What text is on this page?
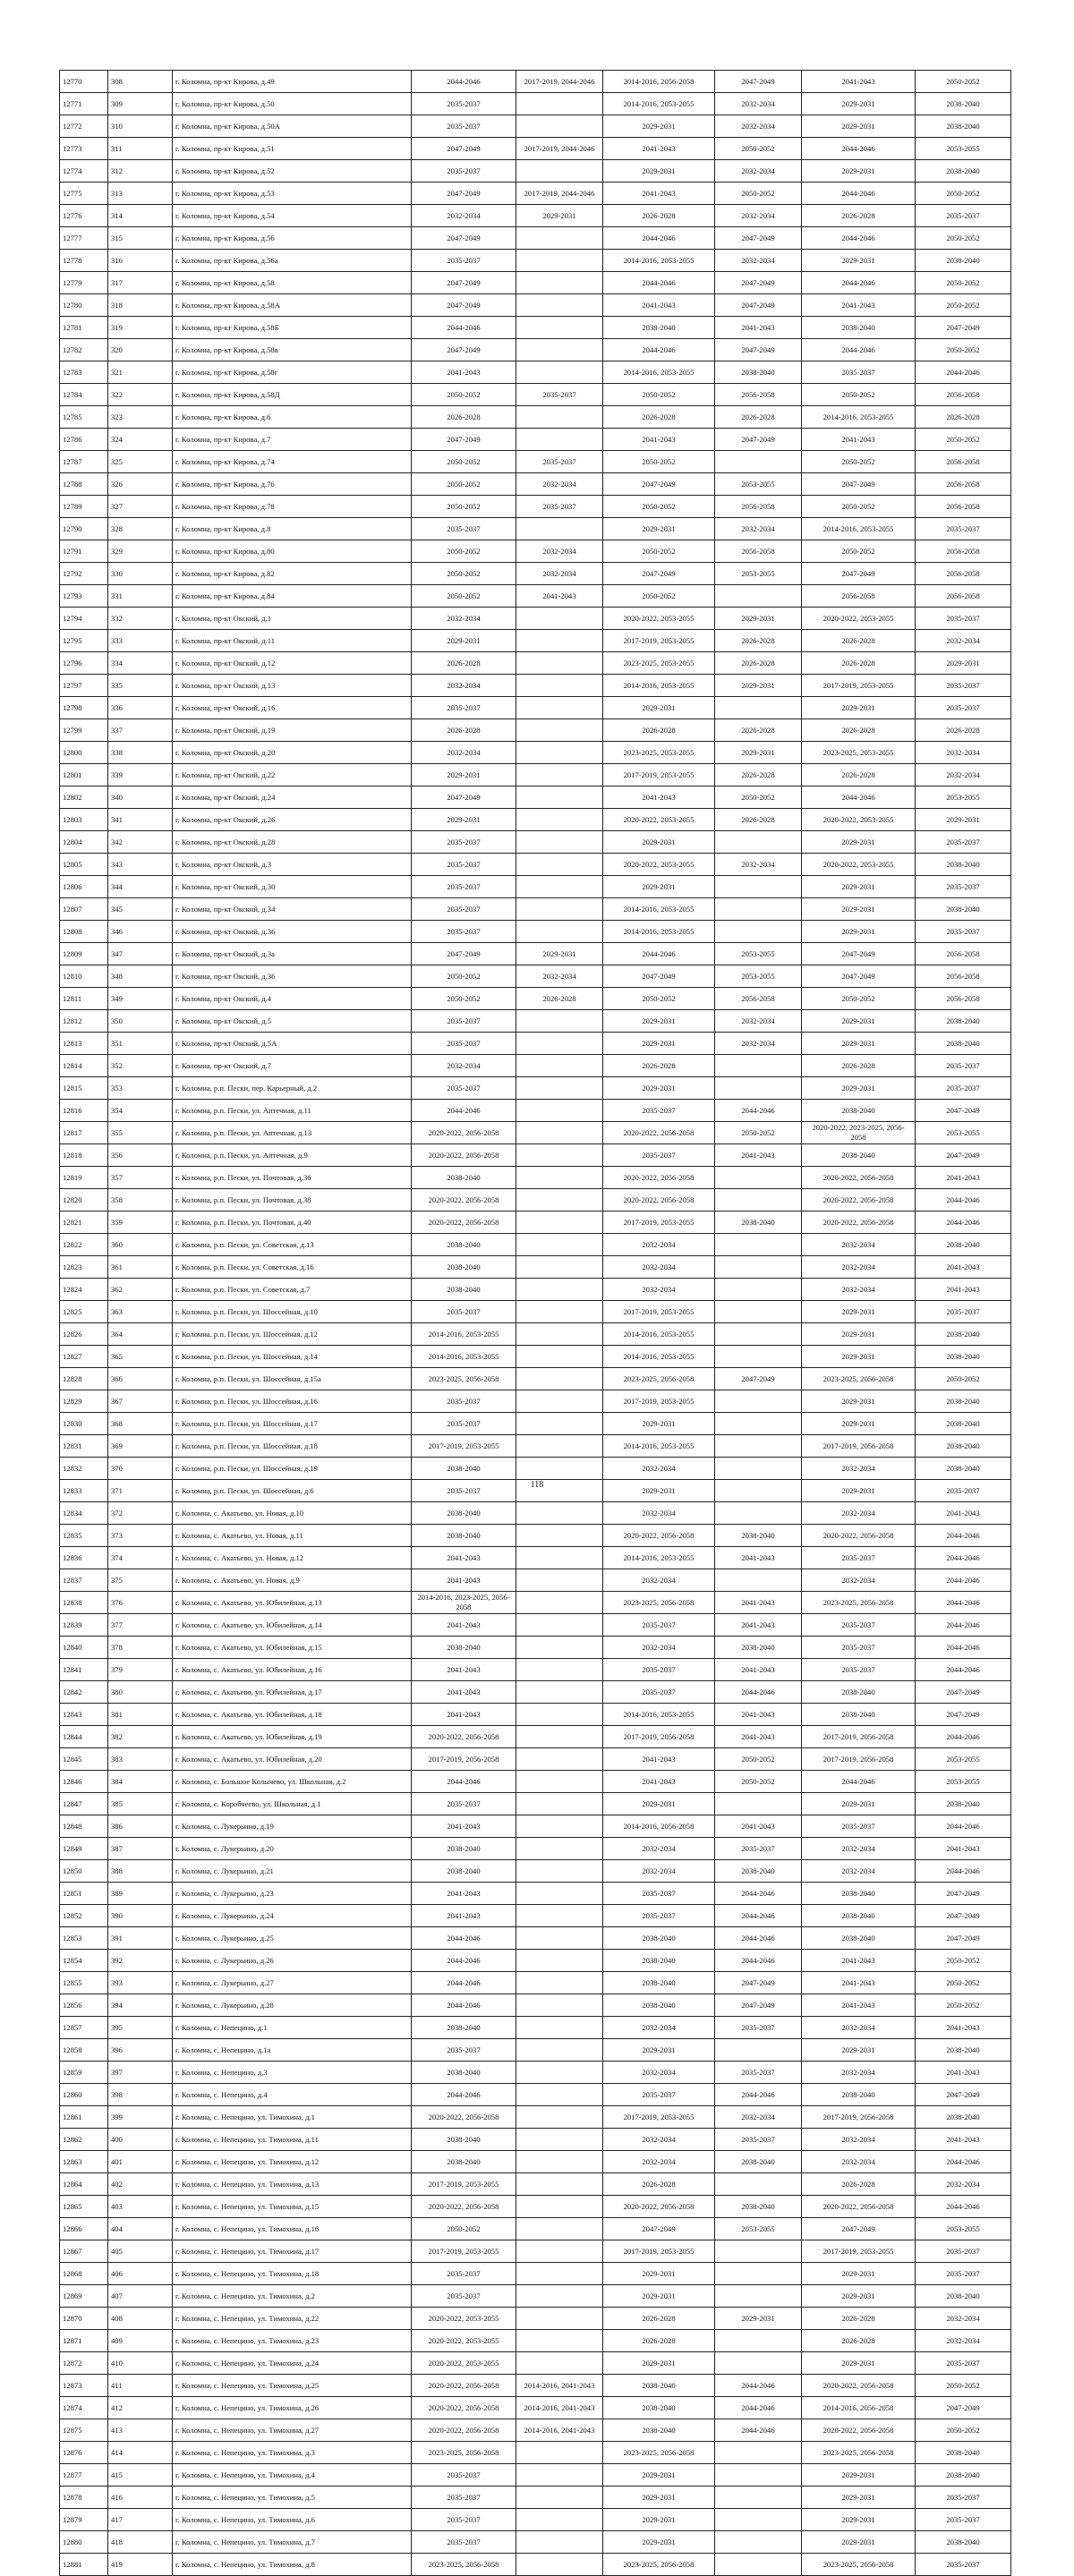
12770	308	г. Коломна, пр-кт Кирова, д.49	2044-2046	2017-2019, 2044-2046	2014-2016, 2056-2058	2047-2049	2041-2043	2050-2052
12771	309	г. Коломна, пр-кт Кирова, д.50	2035-2037		2014-2016, 2053-2055	2032-2034	2029-2031	2038-2040
12772	310	г. Коломна, пр-кт Кирова, д.50А	2035-2037		2029-2031	2032-2034	2029-2031	2038-2040
12773	311	г. Коломна, пр-кт Кирова, д.51	2047-2049	2017-2019, 2044-2046	2041-2043	2050-2052	2044-2046	2053-2055
12774	312	г. Коломна, пр-кт Кирова, д.52	2035-2037		2029-2031	2032-2034	2029-2031	2038-2040
12775	313	г. Коломна, пр-кт Кирова, д.53	2047-2049	2017-2019, 2044-2046	2041-2043	2050-2052	2044-2046	2050-2052
12776	314	г. Коломна, пр-кт Кирова, д.54	2032-2034	2029-2031	2026-2028	2032-2034	2026-2028	2035-2037
12777	315	г. Коломна, пр-кт Кирова, д.56	2047-2049		2044-2046	2047-2049	2044-2046	2050-2052
12778	316	г. Коломна, пр-кт Кирова, д.56а	2035-2037		2014-2016, 2053-2055	2032-2034	2029-2031	2038-2040
12779	317	г. Коломна, пр-кт Кирова, д.58	2047-2049		2044-2046	2047-2049	2044-2046	2050-2052
12780	318	г. Коломна, пр-кт Кирова, д.58А	2047-2049		2041-2043	2047-2049	2041-2043	2050-2052
12781	319	г. Коломна, пр-кт Кирова, д.58Б	2044-2046		2038-2040	2041-2043	2038-2040	2047-2049
12782	320	г. Коломна, пр-кт Кирова, д.58в	2047-2049		2044-2046	2047-2049	2044-2046	2050-2052
12783	321	г. Коломна, пр-кт Кирова, д.58г	2041-2043		2014-2016, 2053-2055	2038-2040	2035-2037	2044-2046
12784	322	г. Коломна, пр-кт Кирова, д.58Д	2050-2052	2035-2037	2050-2052	2056-2058	2050-2052	2056-2058
12785	323	г. Коломна, пр-кт Кирова, д.6	2026-2028		2026-2028	2026-2028	2014-2016, 2053-2055	2026-2028
12786	324	г. Коломна, пр-кт Кирова, д.7	2047-2049		2041-2043	2047-2049	2041-2043	2050-2052
12787	325	г. Коломна, пр-кт Кирова, д.74	2050-2052	2035-2037	2050-2052		2050-2052	2056-2058
12788	326	г. Коломна, пр-кт Кирова, д.76	2050-2052	2032-2034	2047-2049	2053-2055	2047-2049	2056-2058
12789	327	г. Коломна, пр-кт Кирова, д.78	2050-2052	2035-2037	2050-2052	2056-2058	2050-2052	2056-2058
12790	328	г. Коломна, пр-кт Кирова, д.8	2035-2037		2029-2031	2032-2034	2014-2016, 2053-2055	2035-2037
12791	329	г. Коломна, пр-кт Кирова, д.80	2050-2052	2032-2034	2050-2052	2056-2058	2050-2052	2056-2058
12792	330	г. Коломна, пр-кт Кирова, д.82	2050-2052	2032-2034	2047-2049	2053-2055	2047-2049	2056-2058
12793	331	г. Коломна, пр-кт Кирова, д.84	2050-2052	2041-2043	2050-2052		2056-2058	2056-2058
12794	332	г. Коломна, пр-кт Окский, д.1	2032-2034		2020-2022, 2053-2055	2029-2031	2020-2022, 2053-2055	2035-2037
12795	333	г. Коломна, пр-кт Окский, д.11	2029-2031		2017-2019, 2053-2055	2026-2028	2026-2028	2032-2034
12796	334	г. Коломна, пр-кт Окский, д.12	2026-2028		2023-2025, 2053-2055	2026-2028	2026-2028	2029-2031
12797	335	г. Коломна, пр-кт Окский, д.13	2032-2034		2014-2016, 2053-2055	2029-2031	2017-2019, 2053-2055	2035-2037
12798	336	г. Коломна, пр-кт Окский, д.16	2035-2037		2029-2031		2029-2031	2035-2037
12799	337	г. Коломна, пр-кт Окский, д.19	2026-2028		2026-2028	2026-2028	2026-2028	2026-2028
12800	338	г. Коломна, пр-кт Окский, д.20	2032-2034		2023-2025, 2053-2055	2029-2031	2023-2025, 2053-2055	2032-2034
12801	339	г. Коломна, пр-кт Окский, д.22	2029-2031		2017-2019, 2053-2055	2026-2028	2026-2028	2032-2034
12802	340	г. Коломна, пр-кт Окский, д.24	2047-2049		2041-2043	2050-2052	2044-2046	2053-2055
12803	341	г. Коломна, пр-кт Окский, д.26	2029-2031		2020-2022, 2053-2055	2026-2028	2020-2022, 2053-2055	2029-2031
12804	342	г. Коломна, пр-кт Окский, д.28	2035-2037		2029-2031		2029-2031	2035-2037
12805	343	г. Коломна, пр-кт Окский, д.3	2035-2037		2020-2022, 2053-2055	2032-2034	2020-2022, 2053-2055	2038-2040
12806	344	г. Коломна, пр-кт Окский, д.30	2035-2037		2029-2031		2029-2031	2035-2037
12807	345	г. Коломна, пр-кт Окский, д.34	2035-2037		2014-2016, 2053-2055		2029-2031	2038-2040
12808	346	г. Коломна, пр-кт Окский, д.36	2035-2037		2014-2016, 2053-2055		2029-2031	2035-2037
12809	347	г. Коломна, пр-кт Окский, д.3а	2047-2049	2029-2031	2044-2046	2053-2055	2047-2049	2056-2058
12810	348	г. Коломна, пр-кт Окский, д.36	2050-2052	2032-2034	2047-2049	2053-2055	2047-2049	2056-2058
12811	349	г. Коломна, пр-кт Окский, д.4	2050-2052	2026-2028	2050-2052	2056-2058	2050-2052	2056-2058
12812	350	г. Коломна, пр-кт Окский, д.5	2035-2037		2029-2031	2032-2034	2029-2031	2038-2040
12813	351	г. Коломна, пр-кт Окский, д.5А	2035-2037		2029-2031	2032-2034	2029-2031	2038-2040
12814	352	г. Коломна, пр-кт Окский, д.7	2032-2034		2026-2028		2026-2028	2035-2037
12815	353	г. Коломна, р.п. Пески, пер. Карьерный, д.2	2035-2037		2029-2031		2029-2031	2035-2037
12816	354	г. Коломна, р.п. Пески, ул. Аптечная, д.11	2044-2046		2035-2037	2044-2046	2038-2040	2047-2049
12817	355	г. Коломна, р.п. Пески, ул. Аптечная, д.13	2020-2022, 2056-2058		2020-2022, 2056-2058	2050-2052	2020-2022, 2023-2025, 2056-2058	2053-2055
12818	356	г. Коломна, р.п. Пески, ул. Аптечная, д.9	2020-2022, 2056-2058		2035-2037	2041-2043	2038-2040	2047-2049
12819	357	г. Коломна, р.п. Пески, ул. Почтовая, д.36	2038-2040		2020-2022, 2056-2058		2020-2022, 2056-2058	2041-2043
12820	358	г. Коломна, р.п. Пески, ул. Почтовая, д.38	2020-2022, 2056-2058		2020-2022, 2056-2058		2020-2022, 2056-2058	2044-2046
12821	359	г. Коломна, р.п. Пески, ул. Почтовая, д.40	2020-2022, 2056-2058		2017-2019, 2053-2055	2038-2040	2020-2022, 2056-2058	2044-2046
12822	360	г. Коломна, р.п. Пески, ул. Советская, д.13	2038-2040		2032-2034		2032-2034	2038-2040
12823	361	г. Коломна, р.п. Пески, ул. Советская, д.16	2038-2040		2032-2034		2032-2034	2041-2043
12824	362	г. Коломна, р.п. Пески, ул. Советская, д.7	2038-2040		2032-2034		2032-2034	2041-2043
12825	363	г. Коломна, р.п. Пески, ул. Шоссейная, д.10	2035-2037		2017-2019, 2053-2055		2029-2031	2035-2037
12826	364	г. Коломна, р.п. Пески, ул. Шоссейная, д.12	2014-2016, 2053-2055		2014-2016, 2053-2055		2029-2031	2038-2040
12827	365	г. Коломна, р.п. Пески, ул. Шоссейная, д.14	2014-2016, 2053-2055		2014-2016, 2053-2055		2029-2031	2038-2040
12828	366	г. Коломна, р.п. Пески, ул. Шоссейная, д.15а	2023-2025, 2056-2058		2023-2025, 2056-2058	2047-2049	2023-2025, 2056-2058	2050-2052
12829	367	г. Коломна, р.п. Пески, ул. Шоссейная, д.16	2035-2037		2017-2019, 2053-2055		2029-2031	2038-2040
12830	368	г. Коломна, р.п. Пески, ул. Шоссейная, д.17	2035-2037		2029-2031		2029-2031	2038-2040
12831	369	г. Коломна, р.п. Пески, ул. Шоссейная, д.18	2017-2019, 2053-2055		2014-2016, 2053-2055		2017-2019, 2056-2058	2038-2040
12832	370	г. Коломна, р.п. Пески, ул. Шоссейная, д.19	2038-2040		2032-2034		2032-2034	2038-2040
12833	371	г. Коломна, р.п. Пески, ул. Шоссейная, д.6	2035-2037		2029-2031		2029-2031	2035-2037
12834	372	г. Коломна, с. Акатьево, ул. Новая, д.10	2038-2040		2032-2034		2032-2034	2041-2043
12835	373	г. Коломна, с. Акатьево, ул. Новая, д.11	2038-2040		2020-2022, 2056-2058	2038-2040	2020-2022, 2056-2058	2044-2046
12836	374	г. Коломна, с. Акатьево, ул. Новая, д.12	2041-2043		2014-2016, 2053-2055	2041-2043	2035-2037	2044-2046
12837	375	г. Коломна, с. Акатьево, ул. Новая, д.9	2041-2043		2032-2034		2032-2034	2044-2046
12838	376	г. Коломна, с. Акатьево, ул. Юбилейная, д.13	2014-2016, 2023-2025, 2056-2058		2023-2025, 2056-2058	2041-2043	2023-2025, 2056-2058	2044-2046
12839	377	г. Коломна, с. Акатьево, ул. Юбилейная, д.14	2041-2043		2035-2037	2041-2043	2035-2037	2044-2046
12840	378	г. Коломна, с. Акатьево, ул. Юбилейная, д.15	2038-2040		2032-2034	2038-2040	2035-2037	2044-2046
12841	379	г. Коломна, с. Акатьево, ул. Юбилейная, д.16	2041-2043		2035-2037	2041-2043	2035-2037	2044-2046
12842	380	г. Коломна, с. Акатьево, ул. Юбилейная, д.17	2041-2043		2035-2037	2044-2046	2038-2040	2047-2049
12843	381	г. Коломна, с. Акатьево, ул. Юбилейная, д.18	2041-2043		2014-2016, 2053-2055	2041-2043	2038-2040	2047-2049
12844	382	г. Коломна, с. Акатьево, ул. Юбилейная, д.19	2020-2022, 2056-2058		2017-2019, 2056-2058	2041-2043	2017-2019, 2056-2058	2044-2046
12845	383	г. Коломна, с. Акатьево, ул. Юбилейная, д.20	2017-2019, 2056-2058		2041-2043	2050-2052	2017-2019, 2056-2058	2053-2055
12846	384	г. Коломна, с. Большое Колычево, ул. Школьная, д.2	2044-2046		2041-2043	2050-2052	2044-2046	2053-2055
12847	385	г. Коломна, с. Коробчеево, ул. Школьная, д.1	2035-2037		2029-2031		2029-2031	2038-2040
12848	386	г. Коломна, с. Лукерьино, д.19	2041-2043		2014-2016, 2056-2058	2041-2043	2035-2037	2044-2046
12849	387	г. Коломна, с. Лукерьино, д.20	2038-2040		2032-2034	2035-2037	2032-2034	2041-2043
12850	388	г. Коломна, с. Лукерьино, д.21	2038-2040		2032-2034	2038-2040	2032-2034	2044-2046
12851	389	г. Коломна, с. Лукерьино, д.23	2041-2043		2035-2037	2044-2046	2038-2040	2047-2049
12852	390	г. Коломна, с. Лукерьино, д.24	2041-2043		2035-2037	2044-2046	2038-2040	2047-2049
12853	391	г. Коломна, с. Лукерьино, д.25	2044-2046		2038-2040	2044-2046	2038-2040	2047-2049
12854	392	г. Коломна, с. Лукерьино, д.26	2044-2046		2038-2040	2044-2046	2041-2043	2050-2052
12855	393	г. Коломна, с. Лукерьино, д.27	2044-2046		2038-2040	2047-2049	2041-2043	2050-2052
12856	394	г. Коломна, с. Лукерьино, д.28	2044-2046		2038-2040	2047-2049	2041-2043	2050-2052
12857	395	г. Коломна, с. Непецино, д.1	2038-2040		2032-2034	2035-2037	2032-2034	2041-2043
12858	396	г. Коломна, с. Непецино, д.1а	2035-2037		2029-2031		2029-2031	2038-2040
12859	397	г. Коломна, с. Непецино, д.3	2038-2040		2032-2034	2035-2037	2032-2034	2041-2043
12860	398	г. Коломна, с. Непецино, д.4	2044-2046		2035-2037	2044-2046	2038-2040	2047-2049
12861	399	г. Коломна, с. Непецино, ул. Тимохина, д.1	2020-2022, 2056-2058		2017-2019, 2053-2055	2032-2034	2017-2019, 2056-2058	2038-2040
12862	400	г. Коломна, с. Непецино, ул. Тимохина, д.11	2038-2040		2032-2034	2035-2037	2032-2034	2041-2043
12863	401	г. Коломна, с. Непецино, ул. Тимохина, д.12	2038-2040		2032-2034	2038-2040	2032-2034	2044-2046
12864	402	г. Коломна, с. Непецино, ул. Тимохина, д.13	2017-2019, 2053-2055		2026-2028		2026-2028	2032-2034
12865	403	г. Коломна, с. Непецино, ул. Тимохина, д.15	2020-2022, 2056-2058		2020-2022, 2056-2058	2038-2040	2020-2022, 2056-2058	2044-2046
12866	404	г. Коломна, с. Непецино, ул. Тимохина, д.16	2050-2052		2047-2049	2053-2055	2047-2049	2053-2055
12867	405	г. Коломна, с. Непецино, ул. Тимохина, д.17	2017-2019, 2053-2055		2017-2019, 2053-2055		2017-2019, 2053-2055	2035-2037
12868	406	г. Коломна, с. Непецино, ул. Тимохина, д.18	2035-2037		2029-2031		2029-2031	2035-2037
12869	407	г. Коломна, с. Непецино, ул. Тимохина, д.2	2035-2037		2029-2031		2029-2031	2038-2040
12870	408	г. Коломна, с. Непецино, ул. Тимохина, д.22	2020-2022, 2053-2055		2026-2028	2029-2031	2026-2028	2032-2034
12871	409	г. Коломна, с. Непецино, ул. Тимохина, д.23	2020-2022, 2053-2055		2026-2028		2026-2028	2032-2034
12872	410	г. Коломна, с. Непецино, ул. Тимохина, д.24	2020-2022, 2053-2055		2029-2031		2029-2031	2035-2037
12873	411	г. Коломна, с. Непецино, ул. Тимохина, д.25	2020-2022, 2056-2058	2014-2016, 2041-2043	2038-2040	2044-2046	2020-2022, 2056-2058	2050-2052
12874	412	г. Коломна, с. Непецино, ул. Тимохина, д.26	2020-2022, 2056-2058	2014-2016, 2041-2043	2038-2040	2044-2046	2014-2016, 2056-2058	2047-2049
12875	413	г. Коломна, с. Непецино, ул. Тимохина, д.27	2020-2022, 2056-2058	2014-2016, 2041-2043	2038-2040	2044-2046	2020-2022, 2056-2058	2050-2052
12876	414	г. Коломна, с. Непецино, ул. Тимохина, д.3	2023-2025, 2056-2058		2023-2025, 2056-2058		2023-2025, 2056-2058	2038-2040
12877	415	г. Коломна, с. Непецино, ул. Тимохина, д.4	2035-2037		2029-2031		2029-2031	2038-2040
12878	416	г. Коломна, с. Непецино, ул. Тимохина, д.5	2035-2037		2029-2031		2029-2031	2035-2037
12879	417	г. Коломна, с. Непецино, ул. Тимохина, д.6	2035-2037		2029-2031		2029-2031	2035-2037
12880	418	г. Коломна, с. Непецино, ул. Тимохина, д.7	2035-2037		2029-2031		2029-2031	2038-2040
12881	419	г. Коломна, с. Непецино, ул. Тимохина, д.8	2023-2025, 2056-2058		2023-2025, 2056-2058		2023-2025, 2056-2058	2035-2037
118
